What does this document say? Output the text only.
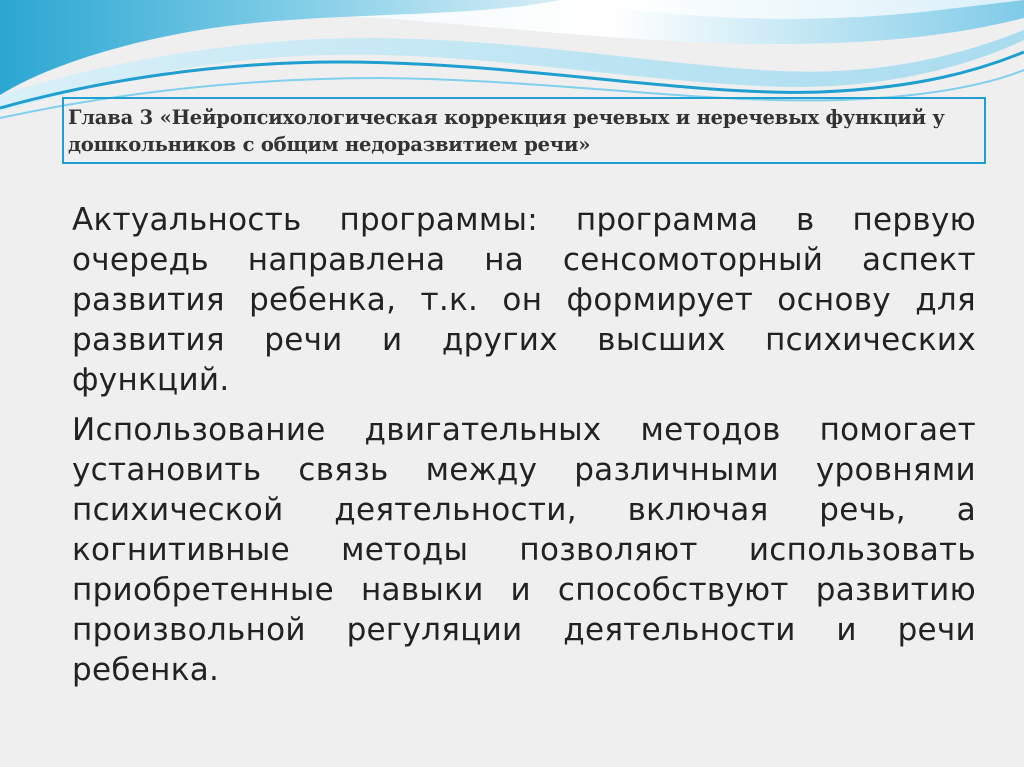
Глава 3 «Нейропсихологическая коррекция речевых и неречевых функций у дошкольников с общим недоразвитием речи»

Актуальность программы: программа в первую очередь направлена на сенсомоторный аспект развития ребенка, т.к. он формирует основу для развития речи и других высших психических функций.

Использование двигательных методов помогает установить связь между различными уровнями психической деятельности, включая речь, а когнитивные методы позволяют использовать приобретенные навыки и способствуют развитию произвольной регуляции деятельности и речи ребенка.
